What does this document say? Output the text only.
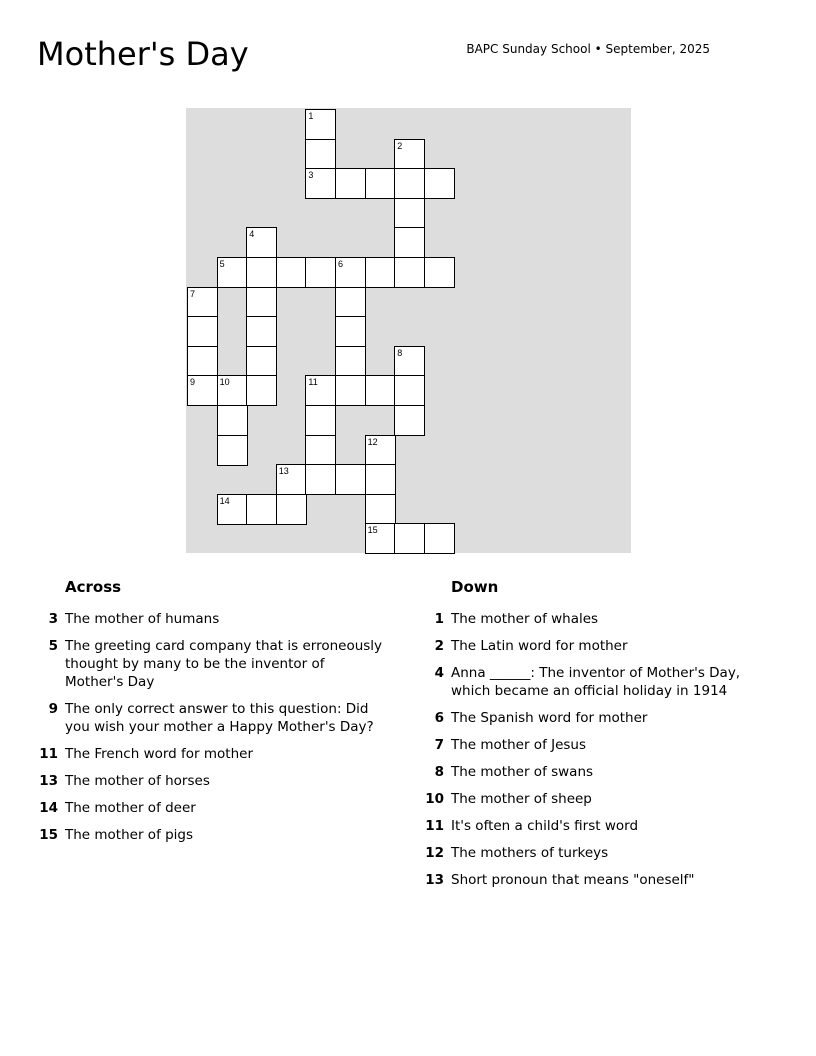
Mother's Day	BAPC Sunday School • September, 2025
1
2
3
4
5	6
7
8
9	10	11
12
13
14
15
Across
3 The mother of humans
5 The greeting card company that is erroneously thought by many to be the inventor of Mother's Day
9 The only correct answer to this question: Did you wish your mother a Happy Mother's Day?
11 The French word for mother
13 The mother of horses
14 The mother of deer
15 The mother of pigs
Down
1 The mother of whales
2 The Latin word for mother
4 Anna ______: The inventor of Mother's Day, which became an official holiday in 1914
6 The Spanish word for mother
7 The mother of Jesus
8 The mother of swans
10 The mother of sheep
11 It's often a child's first word
12 The mothers of turkeys
13 Short pronoun that means "oneself"
